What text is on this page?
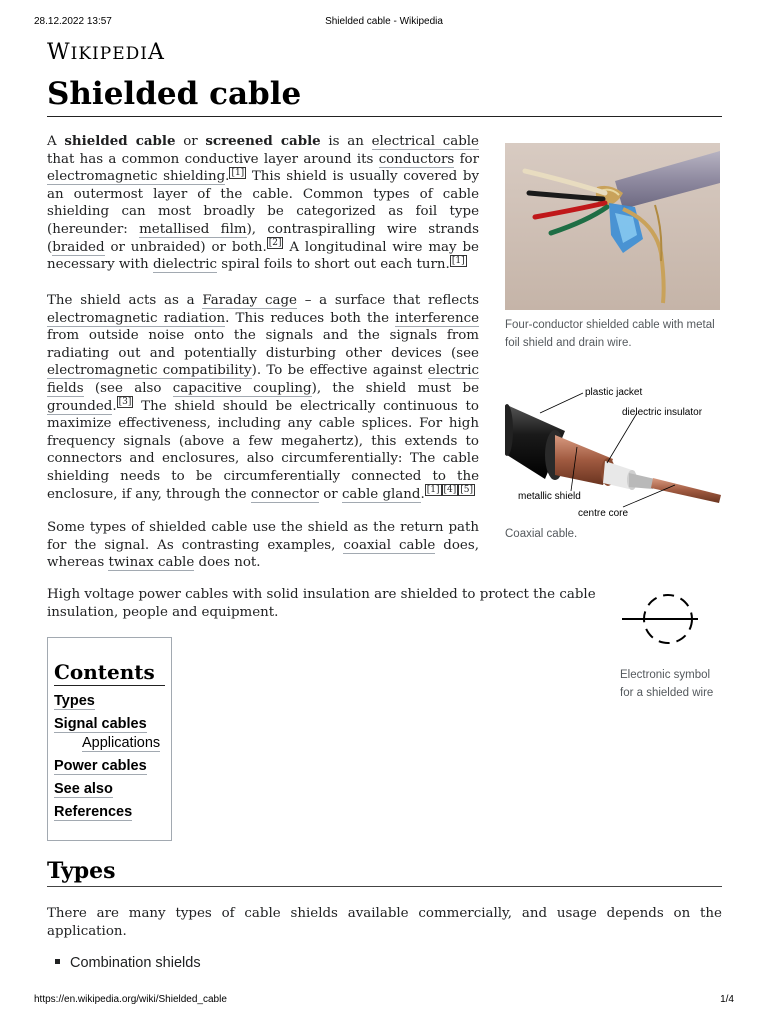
28.12.2022 13:57	Shielded cable - Wikipedia
WIKIPEDIA
Shielded cable

A shielded cable or screened cable is an electrical cable that has a common conductive layer around its conductors for electromagnetic shielding. [1] This shield is usually covered by an outermost layer of the cable. Common types of cable shielding can most broadly be categorized as foil type (hereunder: metallised film), contraspiralling wire strands (braided or unbraided) or both. [2] A longitudinal wire may be necessary with dielectric spiral foils to short out each turn. [1]

The shield acts as a Faraday cage – a surface that reflects electromagnetic radiation. This reduces both the interference from outside noise onto the signals and the signals from radiating out and potentially disturbing other devices (see electromagnetic compatibility). To be effective against electric fields (see also capacitive coupling), the shield must be grounded. [3] The shield should be electrically continuous to maximize effectiveness, including any cable splices. For high frequency signals (above a few megahertz), this extends to connectors and enclosures, also circumferentially: The cable shielding needs to be circumferentially connected to the enclosure, if any, through the connector or cable gland. [1] [4] [5]

Some types of shielded cable use the shield as the return path for the signal. As contrasting examples, coaxial cable does, whereas twinax cable does not.

High voltage power cables with solid insulation are shielded to protect the cable insulation, people and equipment.

Four-conductor shielded cable with metal foil shield and drain wire.
plastic jacket
dielectric insulator
metallic shield
centre core
Coaxial cable.
Electronic symbol for a shielded wire
Contents
Types
Signal cables
Applications
Power cables
See also
References
Types

There are many types of cable shields available commercially, and usage depends on the application.

Combination shields
https://en.wikipedia.org/wiki/Shielded_cable	1/4
